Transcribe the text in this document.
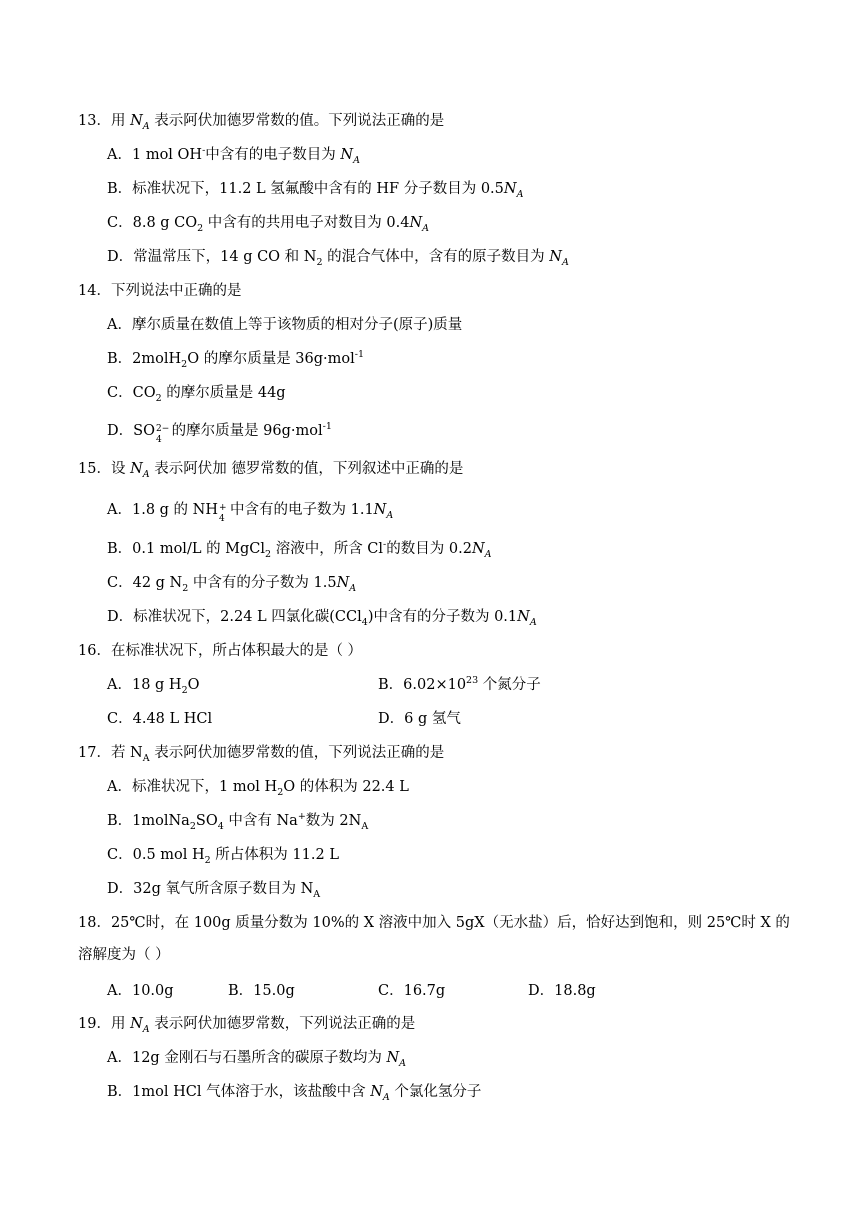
13．用 $N_A$ 表示阿伏加德罗常数的值。下列说法正确的是
A．1 mol OH-中含有的电子数目为 $N_A$
B．标准状况下，11.2 L 氢氟酸中含有的 HF 分子数目为 $0.5N_A$
C．8.8 g $CO_2$ 中含有的共用电子对数目为 $0.4N_A$
D．常温常压下，14 g CO 和 $N_2$ 的混合气体中，含有的原子数目为 $N_A$
14．下列说法中正确的是
A．摩尔质量在数值上等于该物质的相对分子(原子)质量
B．2molH$_2$O 的摩尔质量是 36g·mol$^{-1}$
C．$CO_2$ 的摩尔质量是 44g
D．SO 2−
4
的摩尔质量是 96g·mol$^{-1}$
15．设 $N_A$ 表示阿伏加 德罗常数的值，下列叙述中正确的是
A．1.8 g 的 NH +
4
中含有的电子数为 $1.1N_A$
B．0.1 mol/L 的 MgCl$_2$ 溶液中，所含 Cl-的数目为 $0.2N_A$
C．42 g $N_2$ 中含有的分子数为 $1.5N_A$
D．标准状况下，2.24 L 四氯化碳(CCl$_4$)中含有的分子数为 $0.1N_A$
16．在标准状况下，所占体积最大的是（ ）
A．18 g $H_2O$	B．$6.02\times 10^{23}$ 个氮分子
C．4.48 L HCl	D．6 g 氢气
17．若 $N_A$ 表示阿伏加德罗常数的值，下列说法正确的是
A．标准状况下，1 mol $H_2O$ 的体积为 22.4 L
B．$1molNa_2SO_4$ 中含有 Na+数为 $2N_A$
C．0.5 mol $H_2$ 所占体积为 11.2 L
D．32g 氧气所含原子数目为 $N_A$
18．25℃时，在 100g 质量分数为 10%的 X 溶液中加入 5gX（无水盐）后，恰好达到饱和，则 25℃时 X 的
溶解度为（ ）
A．10.0g	B．15.0g	C．16.7g	D．18.8g
19．用 $N_A$ 表示阿伏加德罗常数，下列说法正确的是
A．12g 金刚石与石墨所含的碳原子数均为 $N_A$
B．1mol HCl 气体溶于水，该盐酸中含 $N_A$ 个氯化氢分子
